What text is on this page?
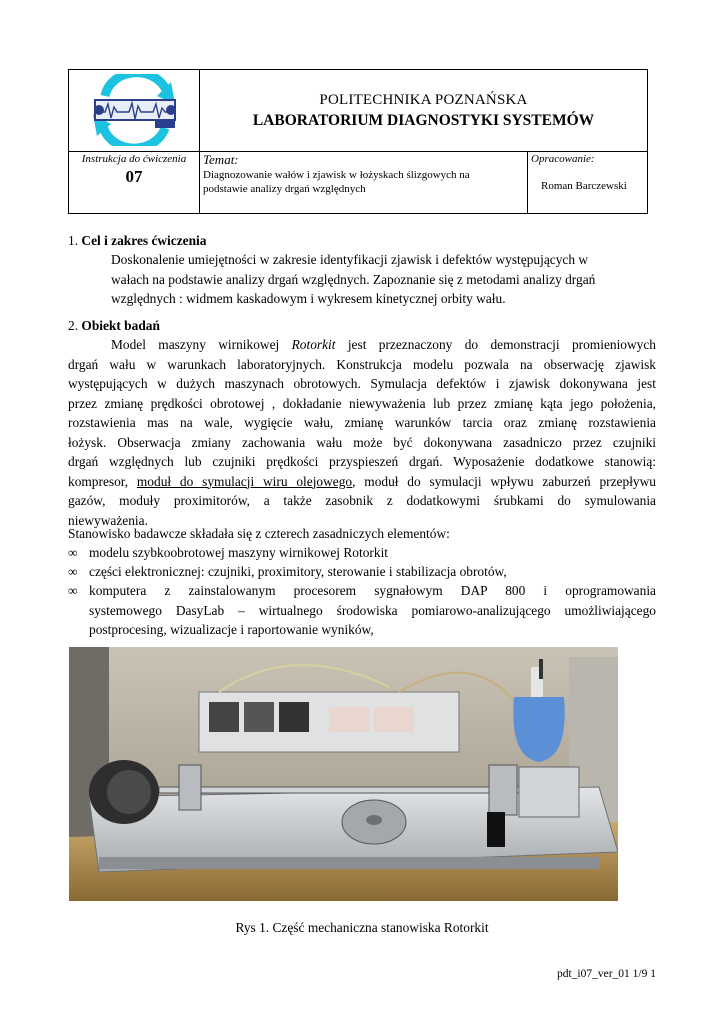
POLITECHNIKA POZNAŃSKA
LABORATORIUM DIAGNOSTYKI SYSTEMÓW
Instrukcja do ćwiczenia
07
Temat:
Diagnozowanie wałów i zjawisk w łożyskach ślizgowych na
podstawie analizy drgań względnych
Opracowanie:
Roman Barczewski
1. Cel i zakres ćwiczenia
Doskonalenie umiejętności w zakresie identyfikacji zjawisk i defektów występujących w
wałach na podstawie analizy drgań względnych. Zapoznanie się z metodami analizy drgań
względnych : widmem kaskadowym i wykresem kinetycznej orbity wału.
2. Obiekt badań
Model maszyny wirnikowej Rotorkit jest przeznaczony do demonstracji promieniowych
drgań wału w warunkach laboratoryjnych. Konstrukcja modelu pozwala na obserwację zjawisk
występujących w dużych maszynach obrotowych. Symulacja defektów i zjawisk dokonywana jest
przez zmianę prędkości obrotowej , dokładanie niewyważenia lub przez zmianę kąta jego położenia,
rozstawienia mas na wale, wygięcie wału, zmianę warunków tarcia oraz zmianę rozstawienia
łożysk. Obserwacja zmiany zachowania wału może być dokonywana zasadniczo przez czujniki
drgań względnych lub czujniki prędkości przyspieszeń drgań. Wyposażenie dodatkowe stanowią:
kompresor, moduł do symulacji wiru olejowego, moduł do symulacji wpływu zaburzeń przepływu
gazów, moduły proximitorów, a także zasobnik z dodatkowymi śrubkami do symulowania
niewyważenia.
Stanowisko badawcze składała się z czterech zasadniczych elementów:
∞ modelu szybkoobrotowej maszyny wirnikowej Rotorkit
∞ części elektronicznej: czujniki, proximitory, sterowanie i stabilizacja obrotów,
∞ komputera z zainstalowanym procesorem sygnałowym DAP 800 i oprogramowania
systemowego DasyLab – wirtualnego środowiska pomiarowo-analizującego umożliwiającego
postprocesing, wizualizacje i raportowanie wyników,
Rys 1. Część mechaniczna stanowiska Rotorkit
pdt_i07_ver_01 1/9 1
